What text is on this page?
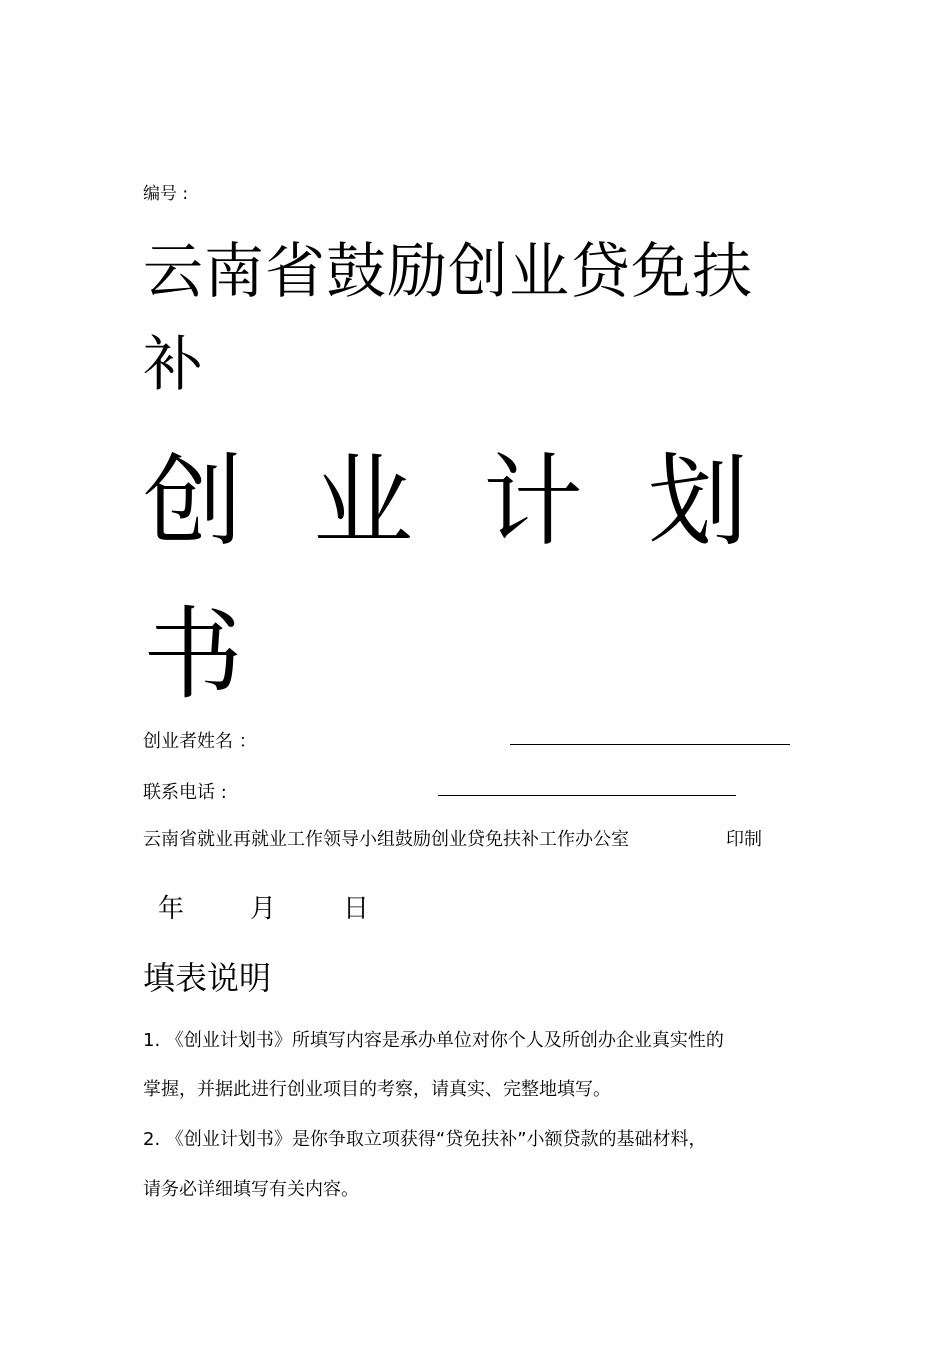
编号 :
云南省鼓励创业贷免扶
补
创 业 计 划
书
创业者姓名 ：
联系电话 :
云南省就业再就业工作领导小组鼓励创业贷免扶补工作办公室	印制
年	月	日
填表说明
1. 《创业计划书》所填写内容是承办单位对你个人及所创办企业真实性的
掌握，并据此进行创业项目的考察，请真实、完整地填写。
2. 《创业计划书》是你争取立项获得“贷免扶补”小额贷款的基础材料，
请务必详细填写有关内容。
